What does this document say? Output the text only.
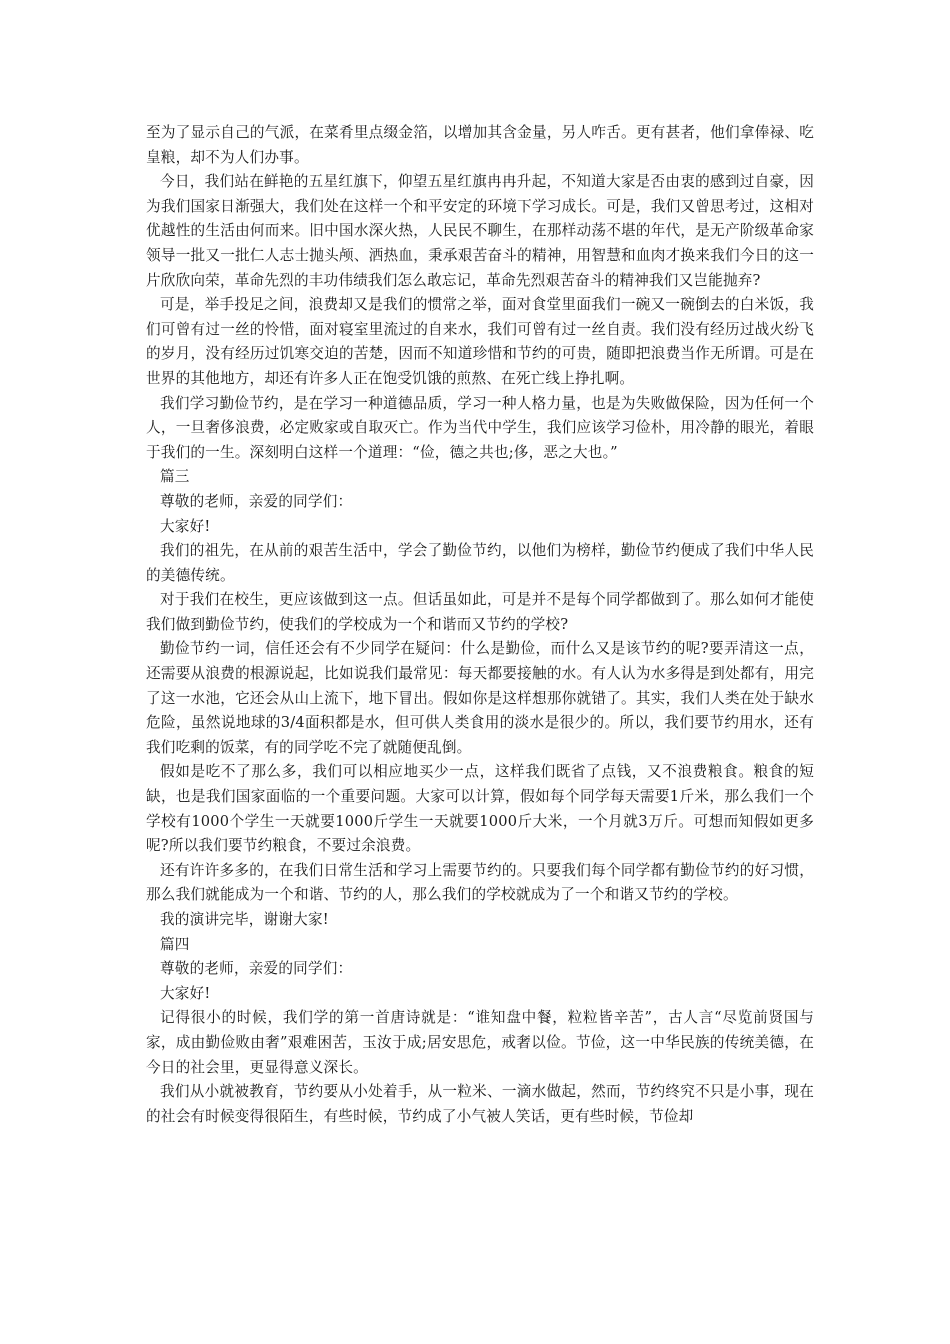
至为了显示自己的气派，在菜肴里点缀金箔，以增加其含金量，另人咋舌。更有甚者，他们拿俸禄、吃皇粮，却不为人们办事。

今日，我们站在鲜艳的五星红旗下，仰望五星红旗冉冉升起，不知道大家是否由衷的感到过自豪，因为我们国家日渐强大，我们处在这样一个和平安定的环境下学习成长。可是，我们又曾思考过，这相对优越性的生活由何而来。旧中国水深火热，人民民不聊生，在那样动荡不堪的年代，是无产阶级革命家领导一批又一批仁人志士抛头颅、洒热血，秉承艰苦奋斗的精神，用智慧和血肉才换来我们今日的这一片欣欣向荣，革命先烈的丰功伟绩我们怎么敢忘记，革命先烈艰苦奋斗的精神我们又岂能抛弃?

可是，举手投足之间，浪费却又是我们的惯常之举，面对食堂里面我们一碗又一碗倒去的白米饭，我们可曾有过一丝的怜惜，面对寝室里流过的自来水，我们可曾有过一丝自责。我们没有经历过战火纷飞的岁月，没有经历过饥寒交迫的苦楚，因而不知道珍惜和节约的可贵，随即把浪费当作无所谓。可是在世界的其他地方，却还有许多人正在饱受饥饿的煎熬、在死亡线上挣扎啊。

我们学习勤俭节约，是在学习一种道德品质，学习一种人格力量，也是为失败做保险，因为任何一个人，一旦奢侈浪费，必定败家或自取灭亡。作为当代中学生，我们应该学习俭朴，用冷静的眼光，着眼于我们的一生。深刻明白这样一个道理：“俭，德之共也;侈，恶之大也。”

篇三

尊敬的老师，亲爱的同学们：

大家好!

我们的祖先，在从前的艰苦生活中，学会了勤俭节约，以他们为榜样，勤俭节约便成了我们中华人民的美德传统。

对于我们在校生，更应该做到这一点。但话虽如此，可是并不是每个同学都做到了。那么如何才能使我们做到勤俭节约，使我们的学校成为一个和谐而又节约的学校?

勤俭节约一词，信任还会有不少同学在疑问：什么是勤俭，而什么又是该节约的呢?要弄清这一点，还需要从浪费的根源说起，比如说我们最常见：每天都要接触的水。有人认为水多得是到处都有，用完了这一水池，它还会从山上流下，地下冒出。假如你是这样想那你就错了。其实，我们人类在处于缺水危险，虽然说地球的3/4面积都是水，但可供人类食用的淡水是很少的。所以，我们要节约用水，还有我们吃剩的饭菜，有的同学吃不完了就随便乱倒。

假如是吃不了那么多，我们可以相应地买少一点，这样我们既省了点钱，又不浪费粮食。粮食的短缺，也是我们国家面临的一个重要问题。大家可以计算，假如每个同学每天需要1斤米，那么我们一个学校有1000个学生一天就要1000斤学生一天就要1000斤大米，一个月就3万斤。可想而知假如更多呢?所以我们要节约粮食，不要过余浪费。

还有许许多多的，在我们日常生活和学习上需要节约的。只要我们每个同学都有勤俭节约的好习惯，那么我们就能成为一个和谐、节约的人，那么我们的学校就成为了一个和谐又节约的学校。

我的演讲完毕，谢谢大家!

篇四

尊敬的老师，亲爱的同学们：

大家好!

记得很小的时候，我们学的第一首唐诗就是：“谁知盘中餐，粒粒皆辛苦”，古人言“尽览前贤国与家，成由勤俭败由奢”艰难困苦，玉汝于成;居安思危，戒奢以俭。节俭，这一中华民族的传统美德，在今日的社会里，更显得意义深长。

我们从小就被教育，节约要从小处着手，从一粒米、一滴水做起，然而，节约终究不只是小事，现在的社会有时候变得很陌生，有些时候，节约成了小气被人笑话，更有些时候，节俭却
